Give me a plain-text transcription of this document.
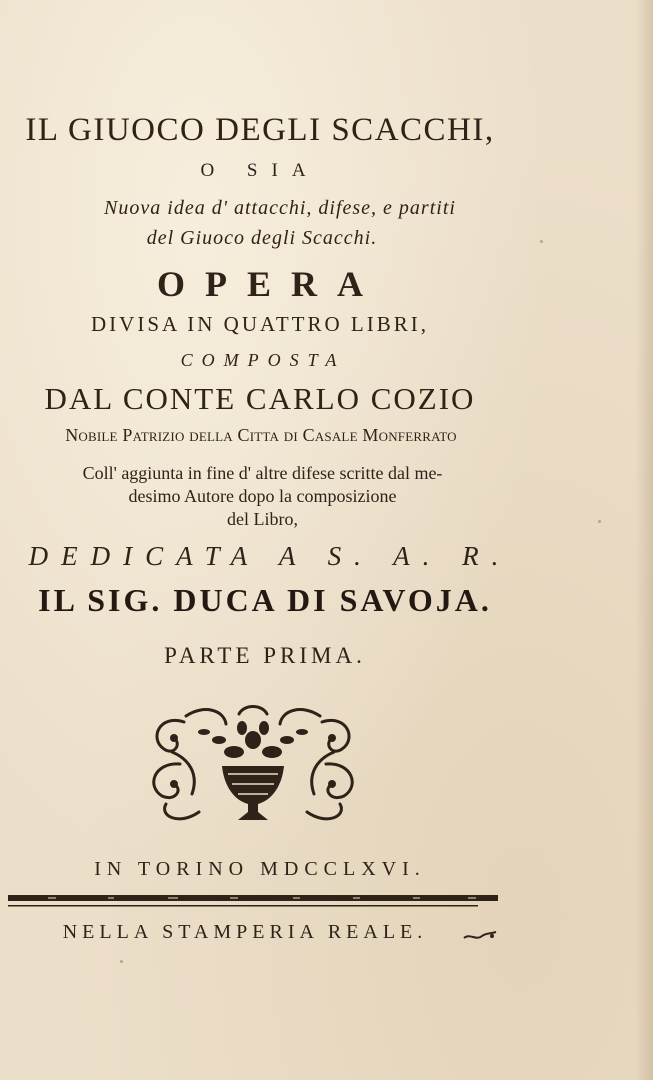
IL GIUOCO DEGLI SCACCHI,
O SIA
Nuova idea d' attacchi, difese, e partiti
del Giuoco degli Scacchi.
OPERA
DIVISA IN QUATTRO LIBRI,
COMPOSTA
DAL CONTE CARLO COZIO
Nobile Patrizio della Citta di Casale Monferrato
Coll' aggiunta in fine d' altre difese scritte dal me-
desimo Autore dopo la composizione
del Libro,
DEDICATA A S. A. R.
IL SIG. DUCA DI SAVOJA.
PARTE PRIMA.
IN TORINO MDCCLXVI.
NELLA STAMPERIA REALE.
